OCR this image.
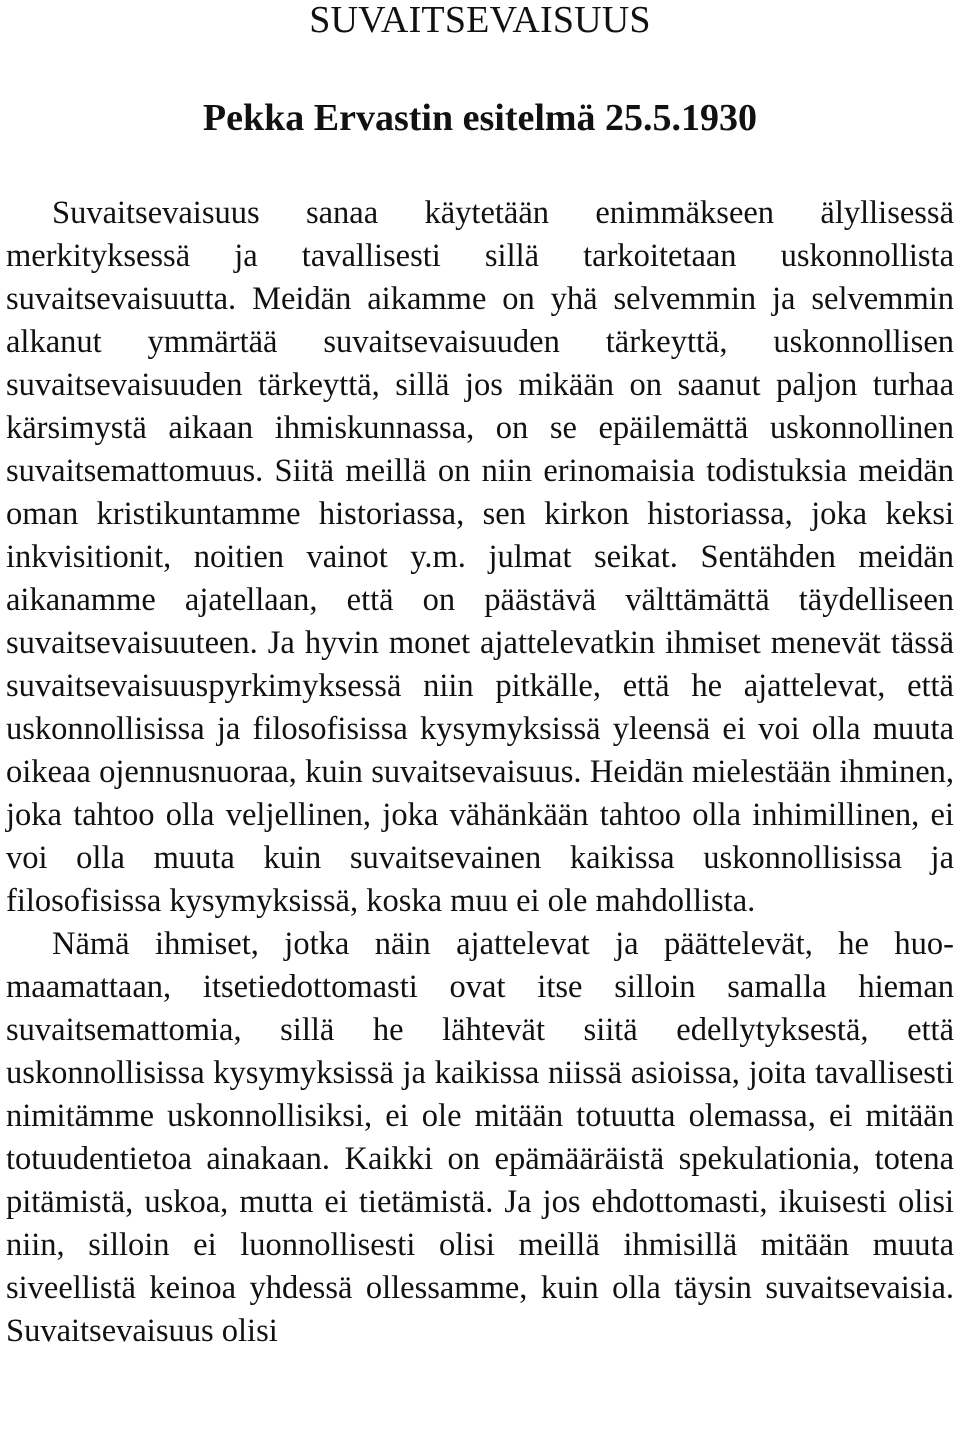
SUVAITSEVAISUUS
Pekka Ervastin esitelmä 25.5.1930

Suvaitsevaisuus sanaa käytetään enimmäkseen älyllisessä merkityksessä ja tavallisesti sillä tarkoitetaan uskonnollista suvaitsevaisuutta. Meidän aikamme on yhä selvemmin ja selvemmin alkanut ymmärtää suvaitsevaisuuden tärkeyttä, uskonnollisen suvaitsevaisuuden tärkeyttä, sillä jos mikään on saanut paljon turhaa kärsimystä aikaan ihmiskunnassa, on se epäilemättä uskonnollinen suvaitsemattomuus. Siitä meillä on niin erinomaisia todistuksia meidän oman kristikuntamme historiassa, sen kirkon historiassa, joka keksi inkvisitionit, noitien vainot y.m. julmat seikat. Sentähden meidän aikanamme ajatellaan, että on päästävä välttämättä täydelliseen suvaitsevaisuuteen. Ja hyvin monet ajattelevatkin ihmiset menevät tässä suvaitsevaisuuspyrkimyksessä niin pitkälle, että he ajattelevat, että uskonnollisissa ja filosofisissa kysymyksissä yleensä ei voi olla muuta oikeaa ojennusnuoraa, kuin suvaitsevaisuus. Heidän mielestään ihminen, joka tahtoo olla veljellinen, joka vähänkään tahtoo olla inhimillinen, ei voi olla muuta kuin suvaitsevainen kaikissa uskonnollisissa ja filosofisissa kysymyksissä, koska muu ei ole mahdollista.

Nämä ihmiset, jotka näin ajattelevat ja päättelevät, he huomaamattaan, itsetiedottomasti ovat itse silloin samalla hieman suvaitsemattomia, sillä he lähtevät siitä edellytyksestä, että uskonnollisissa kysymyksissä ja kaikissa niissä asioissa, joita tavallisesti nimitämme uskonnollisiksi, ei ole mitään totuutta olemassa, ei mitään totuudentietoa ainakaan. Kaikki on epämääräistä spekulationia, totena pitämistä, uskoa, mutta ei tietämistä. Ja jos ehdottomasti, ikuisesti olisi niin, silloin ei luonnollisesti olisi meillä ihmisillä mitään muuta siveellistä keinoa yhdessä ollessamme, kuin olla täysin suvaitsevaisia. Suvaitsevaisuus olisi
